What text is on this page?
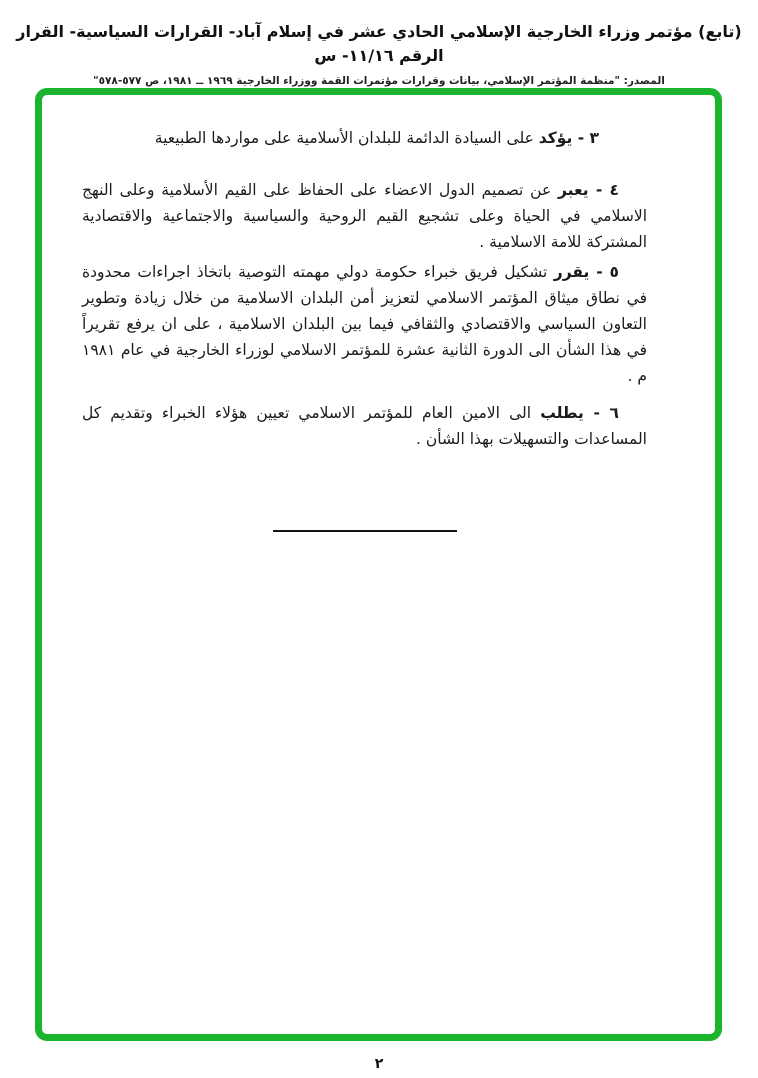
(تابع) مؤتمر وزراء الخارجية الإسلامي الحادي عشر في إسلام آباد- القرارات السياسية- القرار الرقم ١١/١٦- س
المصدر: "منظمة المؤتمر الإسلامي، بيانات وقرارات مؤتمرات القمة ووزراء الخارجية ١٩٦٩ ــ ١٩٨١، ص ٥٧٧-٥٧٨"

٣ - يؤكد على السيادة الدائمة للبلدان الأسلامية على مواردها الطبيعية

٤ - يعبر عن تصميم الدول الاعضاء على الحفاظ على القيم الأسلامية وعلى النهج الاسلامي في الحياة وعلى تشجيع القيم الروحية والسياسية والاجتماعية والاقتصادية المشتركة للامة الاسلامية .

٥ - يقرر تشكيل فريق خبراء حكومة دولي مهمته التوصية باتخاذ اجراءات محدودة في نطاق ميثاق المؤتمر الاسلامي لتعزيز أمن البلدان الاسلامية من خلال زيادة وتطوير التعاون السياسي والاقتصادي والثقافي فيما بين البلدان الاسلامية ، على ان يرفع تقريراً في هذا الشأن الى الدورة الثانية عشرة للمؤتمر الاسلامي لوزراء الخارجية في عام ١٩٨١ م .

٦ - يطلب الى الامين العام للمؤتمر الاسلامي تعيين هؤلاء الخبراء وتقديم كل المساعدات والتسهيلات بهذا الشأن .

٢
